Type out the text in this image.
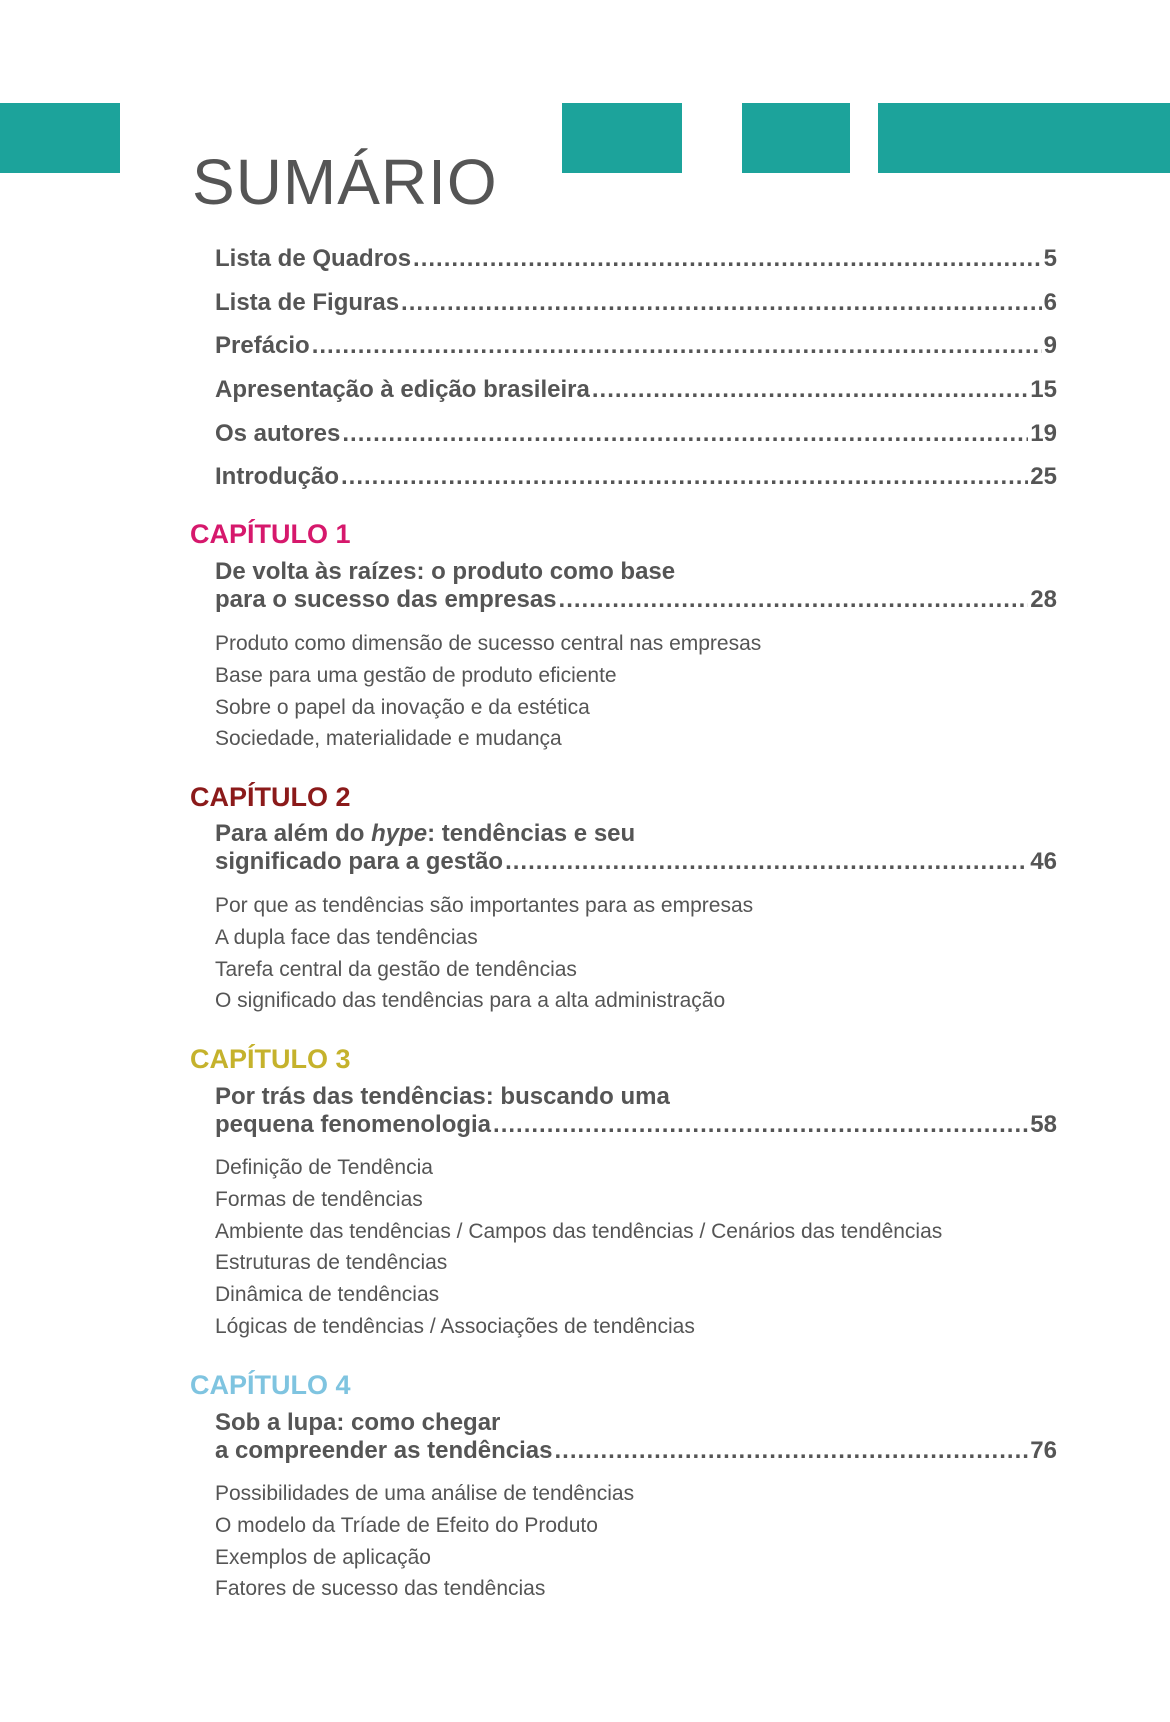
SUMÁRIO
Lista de Quadros .....	5
Lista de Figuras .....	6
Prefácio .....	9
Apresentação à edição brasileira .....	15
Os autores .....	19
Introdução .....	25
CAPÍTULO 1
De volta às raízes: o produto como base
para o sucesso das empresas .....	28
Produto como dimensão de sucesso central nas empresas
Base para uma gestão de produto eficiente
Sobre o papel da inovação e da estética
Sociedade, materialidade e mudança
CAPÍTULO 2
Para além do hype: tendências e seu
significado para a gestão .....	46
Por que as tendências são importantes para as empresas
A dupla face das tendências
Tarefa central da gestão de tendências
O significado das tendências para a alta administração
CAPÍTULO 3
Por trás das tendências: buscando uma
pequena fenomenologia .....	58
Definição de Tendência
Formas de tendências
Ambiente das tendências / Campos das tendências / Cenários das tendências
Estruturas de tendências
Dinâmica de tendências
Lógicas de tendências / Associações de tendências
CAPÍTULO 4
Sob a lupa: como chegar
a compreender as tendências .....	76
Possibilidades de uma análise de tendências
O modelo da Tríade de Efeito do Produto
Exemplos de aplicação
Fatores de sucesso das tendências
